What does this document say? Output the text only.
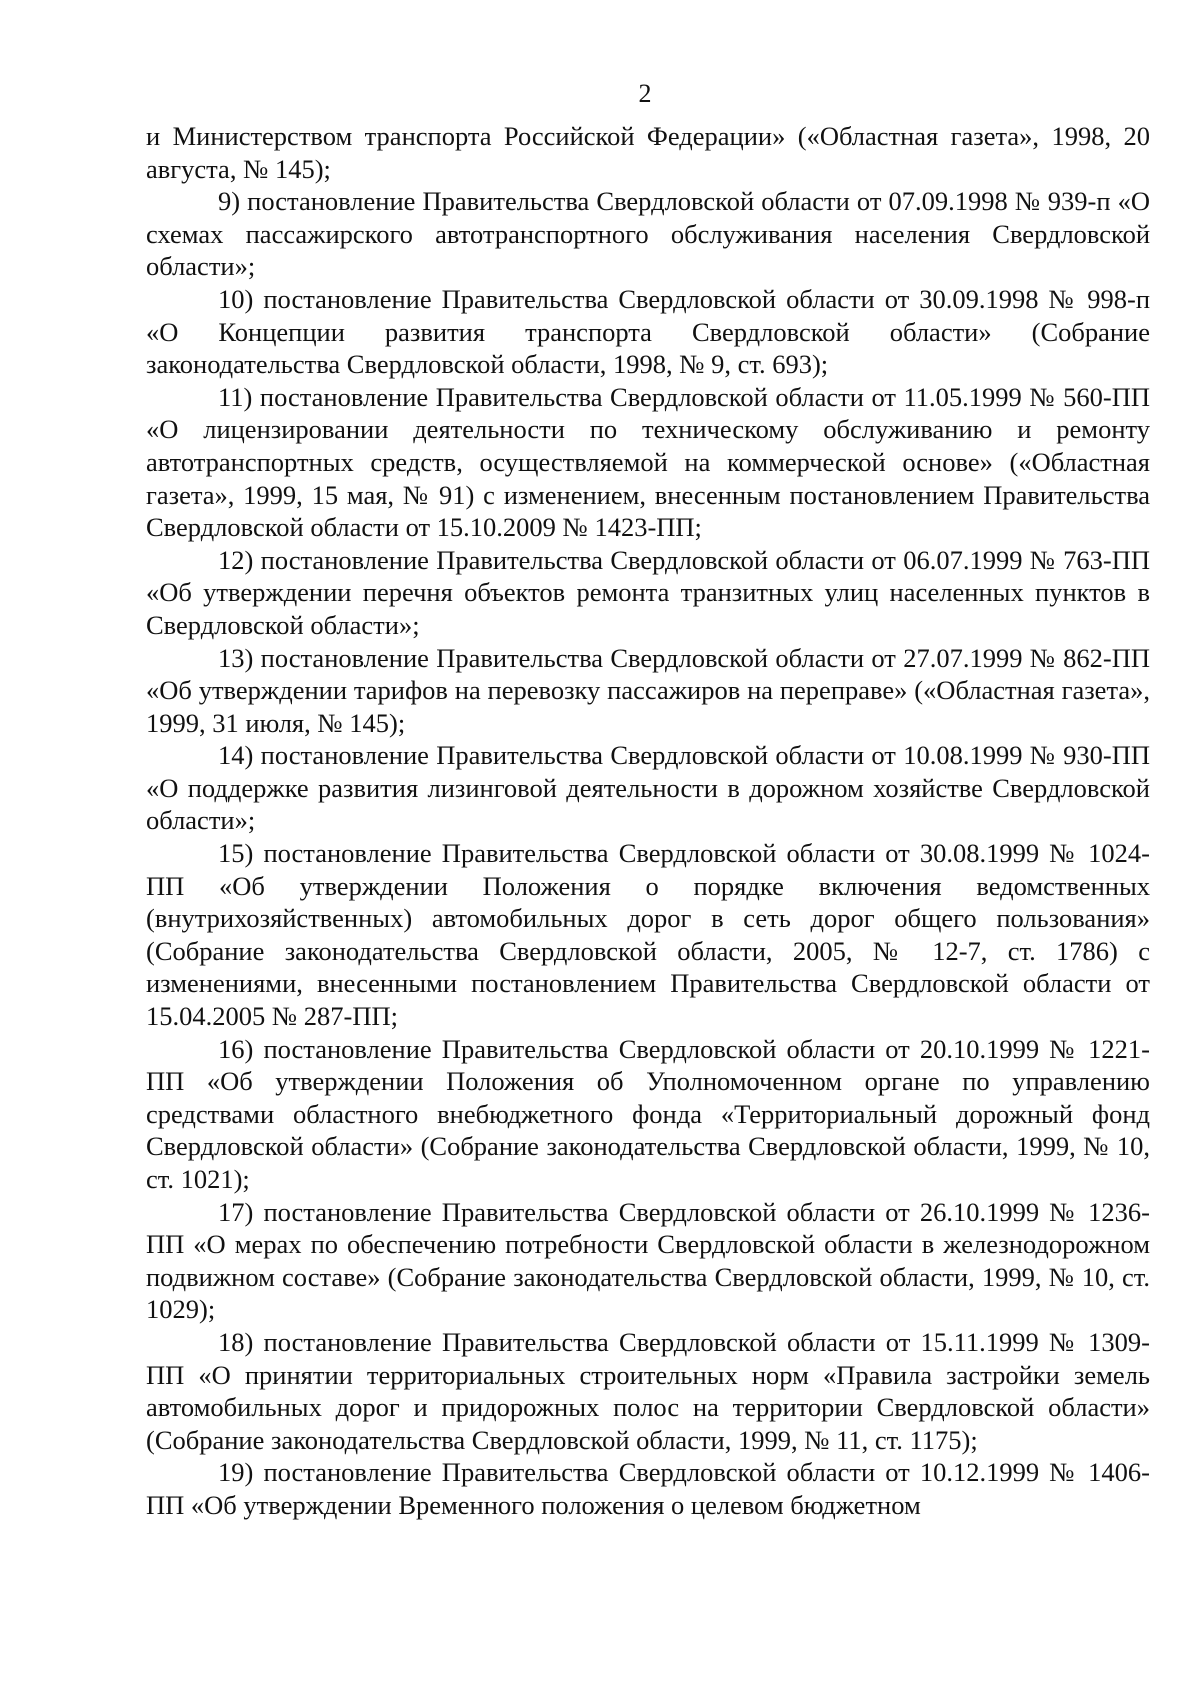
2

и Министерством транспорта Российской Федерации» («Областная газета», 1998, 20 августа, № 145);

9) постановление Правительства Свердловской области от 07.09.1998 № 939-п «О схемах пассажирского автотранспортного обслуживания населения Свердловской области»;

10) постановление Правительства Свердловской области от 30.09.1998 № 998-п «О Концепции развития транспорта Свердловской области» (Собрание законодательства Свердловской области, 1998, № 9, ст. 693);

11) постановление Правительства Свердловской области от 11.05.1999 № 560-ПП «О лицензировании деятельности по техническому обслуживанию и ремонту автотранспортных средств, осуществляемой на коммерческой основе» («Областная газета», 1999, 15 мая, № 91) с изменением, внесенным постановлением Правительства Свердловской области от 15.10.2009 № 1423-ПП;

12) постановление Правительства Свердловской области от 06.07.1999 № 763-ПП «Об утверждении перечня объектов ремонта транзитных улиц населенных пунктов в Свердловской области»;

13) постановление Правительства Свердловской области от 27.07.1999 № 862-ПП «Об утверждении тарифов на перевозку пассажиров на переправе» («Областная газета», 1999, 31 июля, № 145);

14) постановление Правительства Свердловской области от 10.08.1999 № 930-ПП «О поддержке развития лизинговой деятельности в дорожном хозяйстве Свердловской области»;

15) постановление Правительства Свердловской области от 30.08.1999 № 1024-ПП «Об утверждении Положения о порядке включения ведомственных (внутрихозяйственных) автомобильных дорог в сеть дорог общего пользования» (Собрание законодательства Свердловской области, 2005, № 12-7, ст. 1786) с изменениями, внесенными постановлением Правительства Свердловской области от 15.04.2005 № 287-ПП;

16) постановление Правительства Свердловской области от 20.10.1999 № 1221-ПП «Об утверждении Положения об Уполномоченном органе по управлению средствами областного внебюджетного фонда «Территориальный дорожный фонд Свердловской области» (Собрание законодательства Свердловской области, 1999, № 10, ст. 1021);

17) постановление Правительства Свердловской области от 26.10.1999 № 1236-ПП «О мерах по обеспечению потребности Свердловской области в железнодорожном подвижном составе» (Собрание законодательства Свердловской области, 1999, № 10, ст. 1029);

18) постановление Правительства Свердловской области от 15.11.1999 № 1309-ПП «О принятии территориальных строительных норм «Правила застройки земель автомобильных дорог и придорожных полос на территории Свердловской области» (Собрание законодательства Свердловской области, 1999, № 11, ст. 1175);

19) постановление Правительства Свердловской области от 10.12.1999 № 1406-ПП «Об утверждении Временного положения о целевом бюджетном
